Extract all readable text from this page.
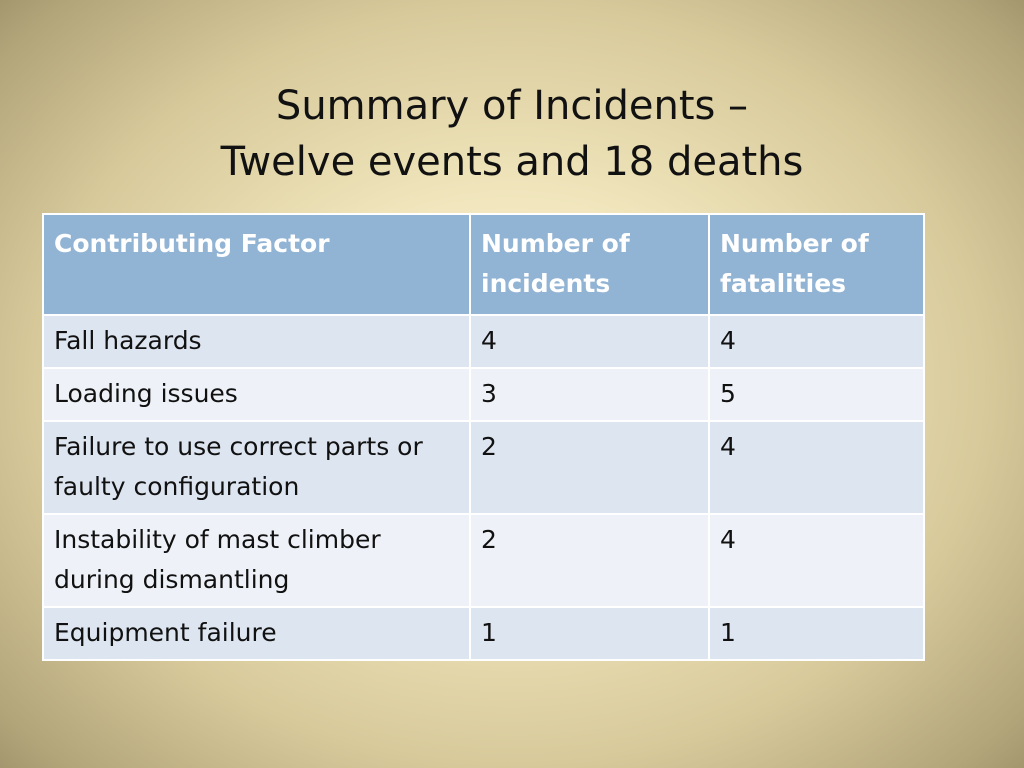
Summary of Incidents –
Twelve events and 18 deaths
Contributing Factor	Number of incidents	Number of fatalities
Fall hazards	4	4
Loading issues	3	5
Failure to use correct parts or faulty configuration	2	4
Instability of mast climber during dismantling	2	4
Equipment failure	1	1
